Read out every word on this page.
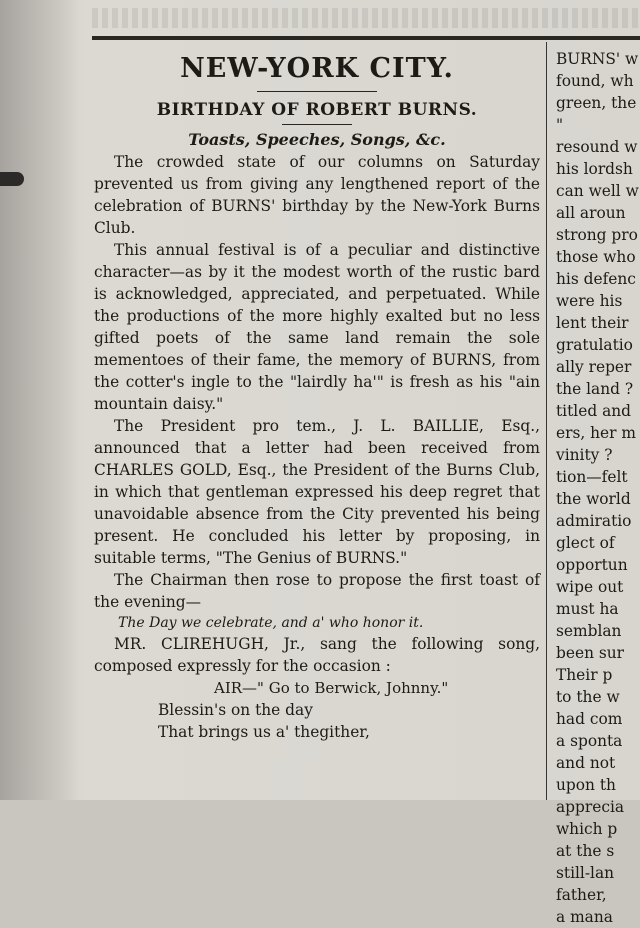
NEW-YORK CITY.
BIRTHDAY OF ROBERT BURNS.
Toasts, Speeches, Songs, &c.

The crowded state of our columns on Saturday prevented us from giving any lengthened report of the celebration of BURNS' birthday by the New-York Burns Club.

This annual festival is of a peculiar and distinctive character—as by it the modest worth of the rustic bard is acknowledged, appreciated, and perpetuated. While the productions of the more highly exalted but no less gifted poets of the same land remain the sole mementoes of their fame, the memory of BURNS, from the cotter's ingle to the "lairdly ha'" is fresh as his "ain mountain daisy."

The President pro tem., J. L. BAILLIE, Esq., announced that a letter had been received from CHARLES GOLD, Esq., the President of the Burns Club, in which that gentleman expressed his deep regret that unavoidable absence from the City prevented his being present. He concluded his letter by proposing, in suitable terms, "The Genius of BURNS."

The Chairman then rose to propose the first toast of the evening—

The Day we celebrate, and a' who honor it.

MR. CLIREHUGH, Jr., sang the following song, composed expressly for the occasion :

AIR—" Go to Berwick, Johnny."

Blessin's on the day

That brings us a' thegither,

BURNS' w
found, wh
green, the
"
resound w
his lordsh
can well w
all aroun
strong pro
those who
his defenc
were his
lent their
gratulatio
ally reper
the land ?
titled and
ers, her m
vinity ?
tion—felt
the world
admiratio
glect of
opportun
wipe out
must ha
semblan
been sur
Their p
to the w
had com
a sponta
and not
upon th
apprecia
which p
at the s
still-lan
father,
a mana
